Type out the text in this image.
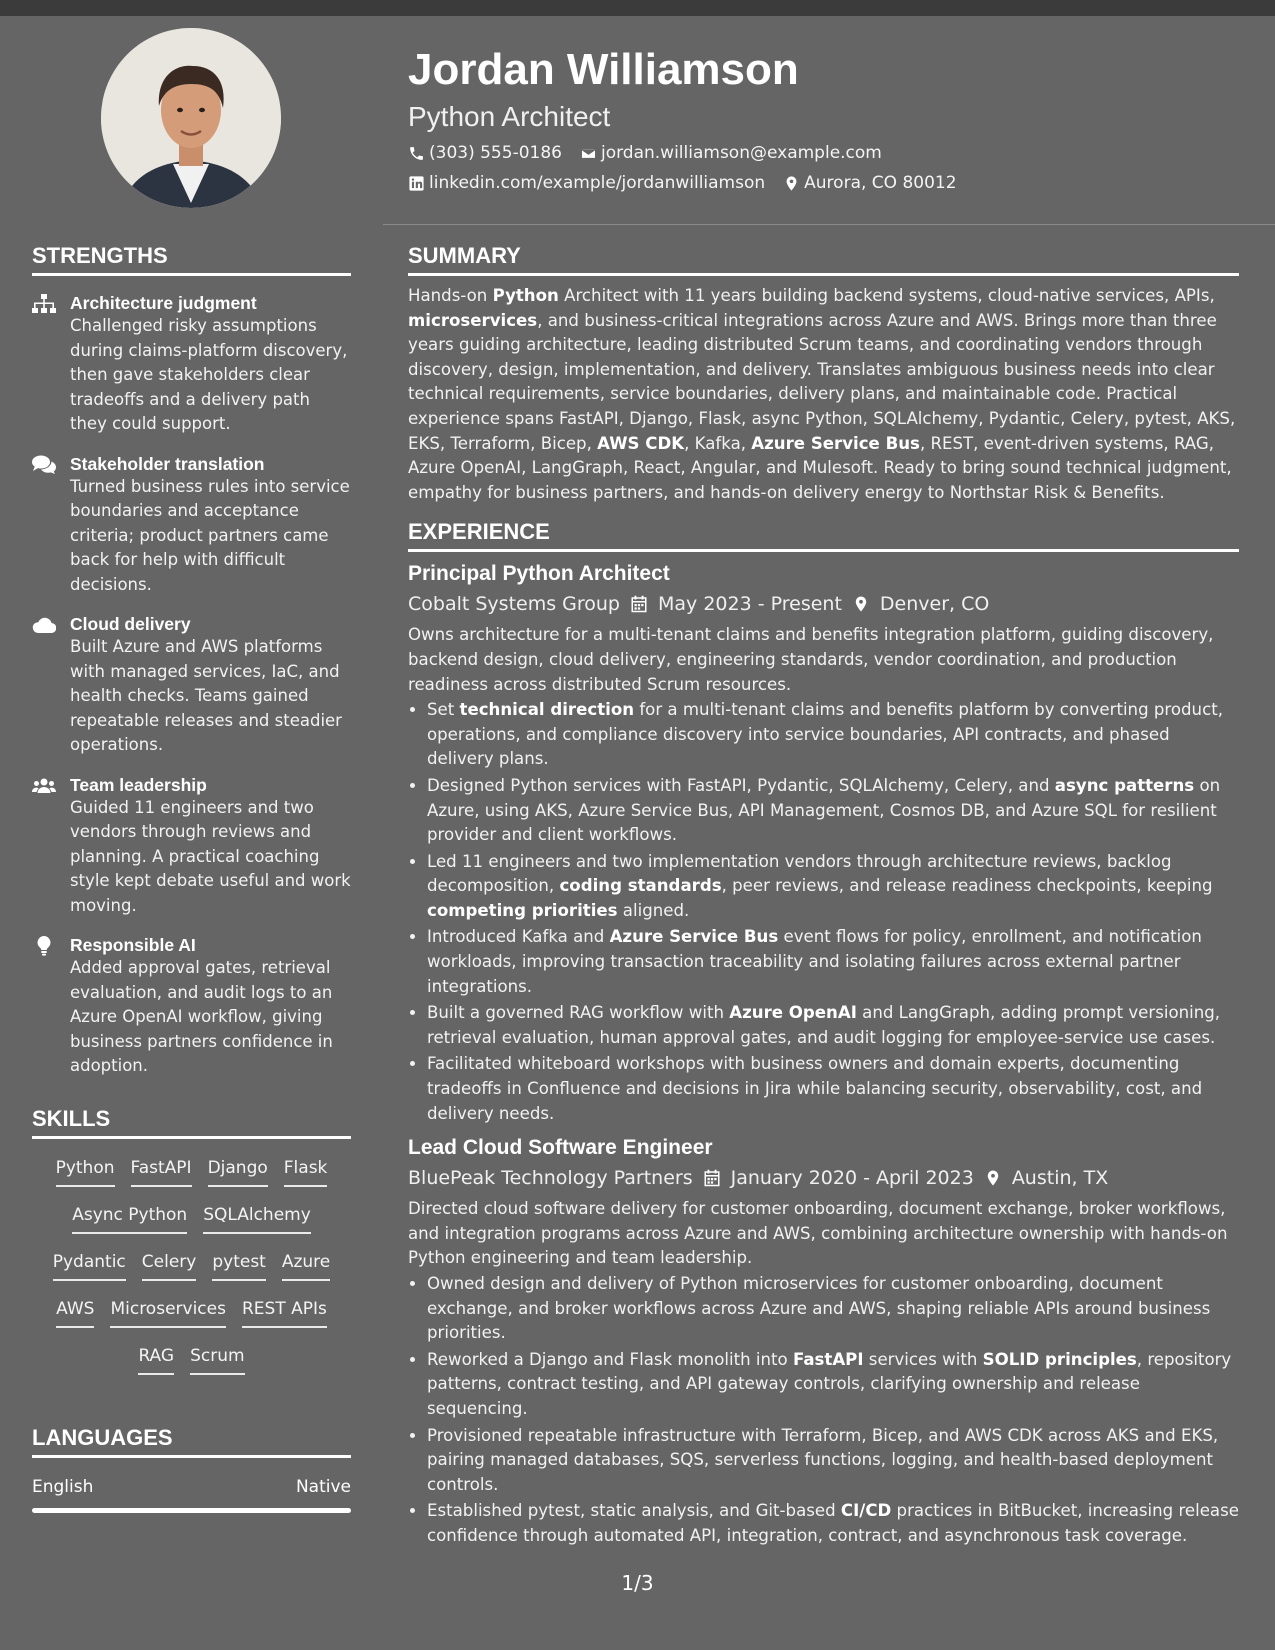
Jordan Williamson
Python Architect
(303) 555-0186 jordan.williamson@example.com
linkedin.com/example/jordanwilliamson Aurora, CO 80012
STRENGTHS
Architecture judgment
Challenged risky assumptions during claims-platform discovery, then gave stakeholders clear tradeoffs and a delivery path they could support.
Stakeholder translation
Turned business rules into service boundaries and acceptance criteria; product partners came back for help with difficult decisions.
Cloud delivery
Built Azure and AWS platforms with managed services, IaC, and health checks. Teams gained repeatable releases and steadier operations.
Team leadership
Guided 11 engineers and two vendors through reviews and planning. A practical coaching style kept debate useful and work moving.
Responsible AI
Added approval gates, retrieval evaluation, and audit logs to an Azure OpenAI workflow, giving business partners confidence in adoption.
SKILLS
Python FastAPI Django Flask
Async Python SQLAlchemy
Pydantic Celery pytest Azure
AWS Microservices REST APIs
RAG Scrum
LANGUAGES
English	Native
SUMMARY
Hands-on Python Architect with 11 years building backend systems, cloud-native services, APIs, microservices, and business-critical integrations across Azure and AWS. Brings more than three years guiding architecture, leading distributed Scrum teams, and coordinating vendors through discovery, design, implementation, and delivery. Translates ambiguous business needs into clear technical requirements, service boundaries, delivery plans, and maintainable code. Practical experience spans FastAPI, Django, Flask, async Python, SQLAlchemy, Pydantic, Celery, pytest, AKS, EKS, Terraform, Bicep, AWS CDK, Kafka, Azure Service Bus, REST, event-driven systems, RAG, Azure OpenAI, LangGraph, React, Angular, and Mulesoft. Ready to bring sound technical judgment, empathy for business partners, and hands-on delivery energy to Northstar Risk & Benefits.
EXPERIENCE
Principal Python Architect
Cobalt Systems Group May 2023 - Present Denver, CO
Owns architecture for a multi-tenant claims and benefits integration platform, guiding discovery, backend design, cloud delivery, engineering standards, vendor coordination, and production readiness across distributed Scrum resources.
• Set technical direction for a multi-tenant claims and benefits platform by converting product, operations, and compliance discovery into service boundaries, API contracts, and phased delivery plans.
• Designed Python services with FastAPI, Pydantic, SQLAlchemy, Celery, and async patterns on Azure, using AKS, Azure Service Bus, API Management, Cosmos DB, and Azure SQL for resilient provider and client workflows.
• Led 11 engineers and two implementation vendors through architecture reviews, backlog decomposition, coding standards, peer reviews, and release readiness checkpoints, keeping competing priorities aligned.
• Introduced Kafka and Azure Service Bus event flows for policy, enrollment, and notification workloads, improving transaction traceability and isolating failures across external partner integrations.
• Built a governed RAG workflow with Azure OpenAI and LangGraph, adding prompt versioning, retrieval evaluation, human approval gates, and audit logging for employee-service use cases.
• Facilitated whiteboard workshops with business owners and domain experts, documenting tradeoffs in Confluence and decisions in Jira while balancing security, observability, cost, and delivery needs.
Lead Cloud Software Engineer
BluePeak Technology Partners January 2020 - April 2023 Austin, TX
Directed cloud software delivery for customer onboarding, document exchange, broker workflows, and integration programs across Azure and AWS, combining architecture ownership with hands-on Python engineering and team leadership.
• Owned design and delivery of Python microservices for customer onboarding, document exchange, and broker workflows across Azure and AWS, shaping reliable APIs around business priorities.
• Reworked a Django and Flask monolith into FastAPI services with SOLID principles, repository patterns, contract testing, and API gateway controls, clarifying ownership and release sequencing.
• Provisioned repeatable infrastructure with Terraform, Bicep, and AWS CDK across AKS and EKS, pairing managed databases, SQS, serverless functions, logging, and health-based deployment controls.
• Established pytest, static analysis, and Git-based CI/CD practices in BitBucket, increasing release confidence through automated API, integration, contract, and asynchronous task coverage.
1/3
